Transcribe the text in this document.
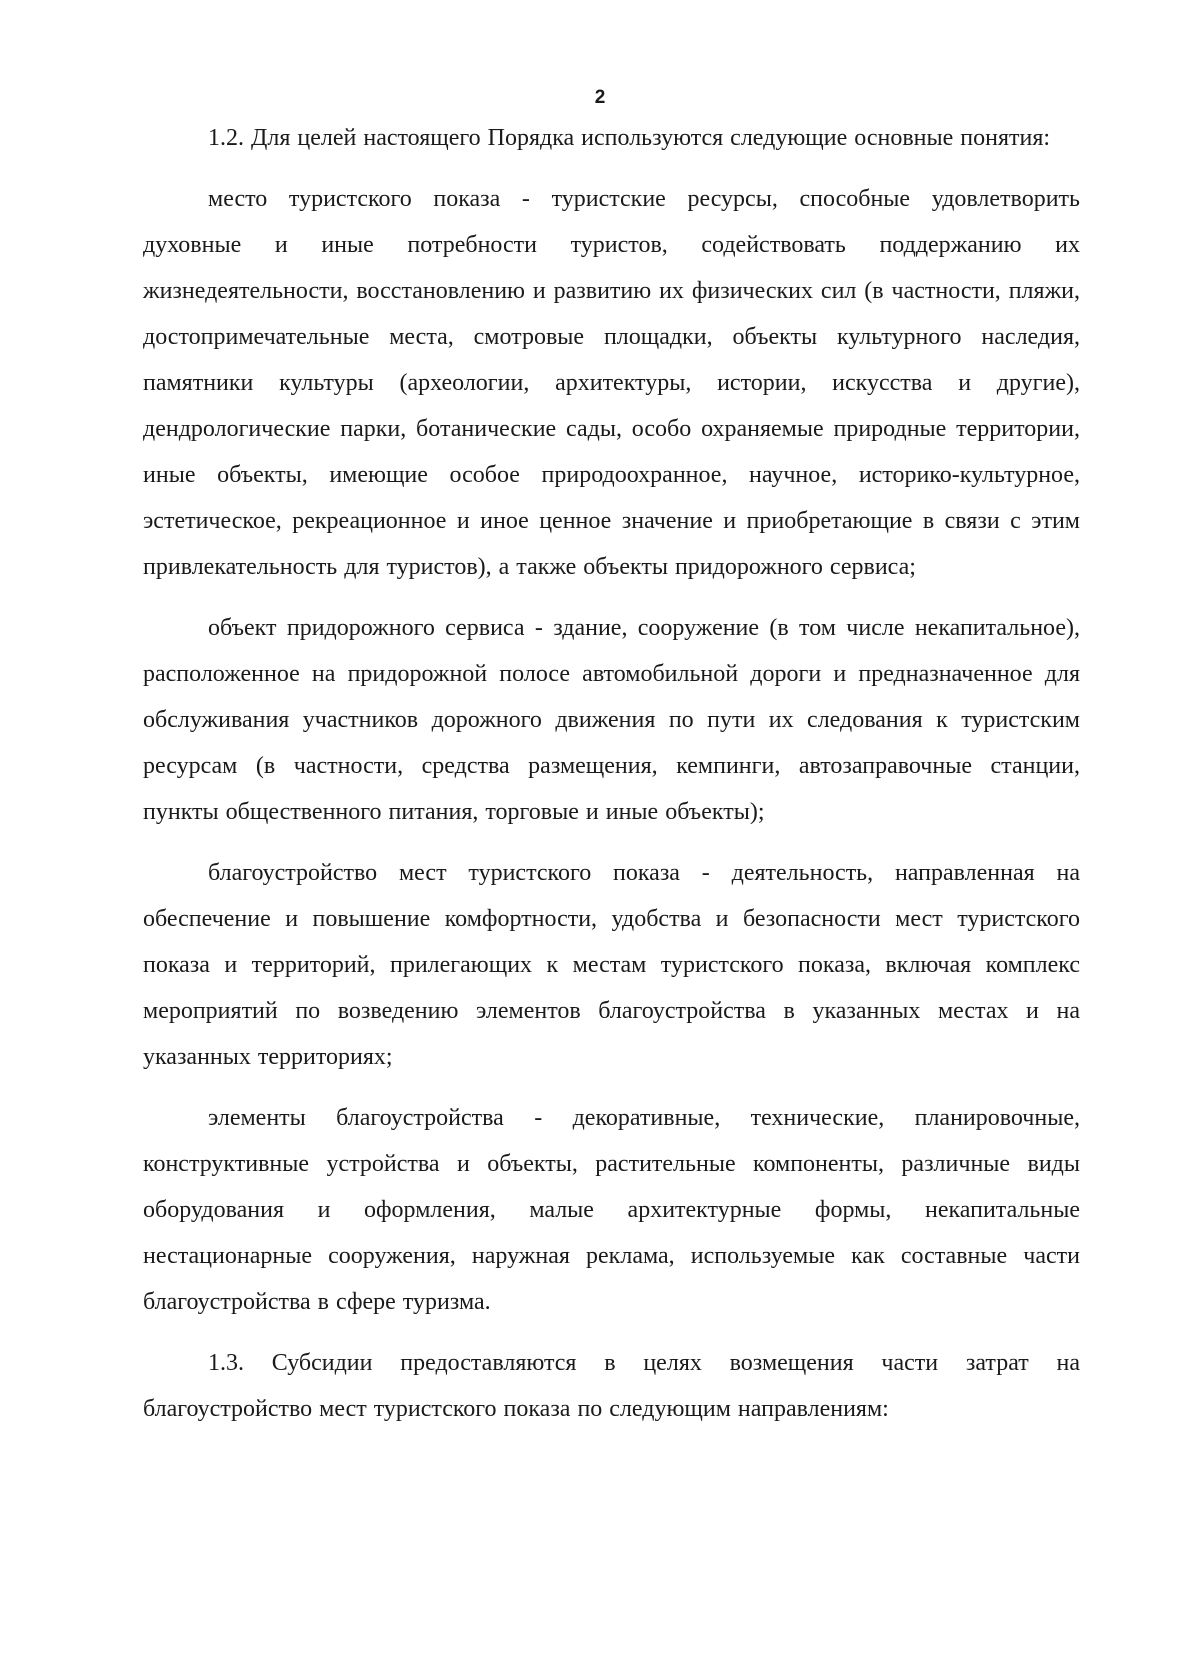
2

1.2. Для целей настоящего Порядка используются следующие основные понятия:

место туристского показа - туристские ресурсы, способные удовлетворить духовные и иные потребности туристов, содействовать поддержанию их жизнедеятельности, восстановлению и развитию их физических сил (в частности, пляжи, достопримечательные места, смотровые площадки, объекты культурного наследия, памятники культуры (археологии, архитектуры, истории, искусства и другие), дендрологические парки, ботанические сады, особо охраняемые природные территории, иные объекты, имеющие особое природоохранное, научное, историко-культурное, эстетическое, рекреационное и иное ценное значение и приобретающие в связи с этим привлекательность для туристов), а также объекты придорожного сервиса;

объект придорожного сервиса - здание, сооружение (в том числе некапитальное), расположенное на придорожной полосе автомобильной дороги и предназначенное для обслуживания участников дорожного движения по пути их следования к туристским ресурсам (в частности, средства размещения, кемпинги, автозаправочные станции, пункты общественного питания, торговые и иные объекты);

благоустройство мест туристского показа - деятельность, направленная на обеспечение и повышение комфортности, удобства и безопасности мест туристского показа и территорий, прилегающих к местам туристского показа, включая комплекс мероприятий по возведению элементов благоустройства в указанных местах и на указанных территориях;

элементы благоустройства - декоративные, технические, планировочные, конструктивные устройства и объекты, растительные компоненты, различные виды оборудования и оформления, малые архитектурные формы, некапитальные нестационарные сооружения, наружная реклама, используемые как составные части благоустройства в сфере туризма.

1.3. Субсидии предоставляются в целях возмещения части затрат на благоустройство мест туристского показа по следующим направлениям:
